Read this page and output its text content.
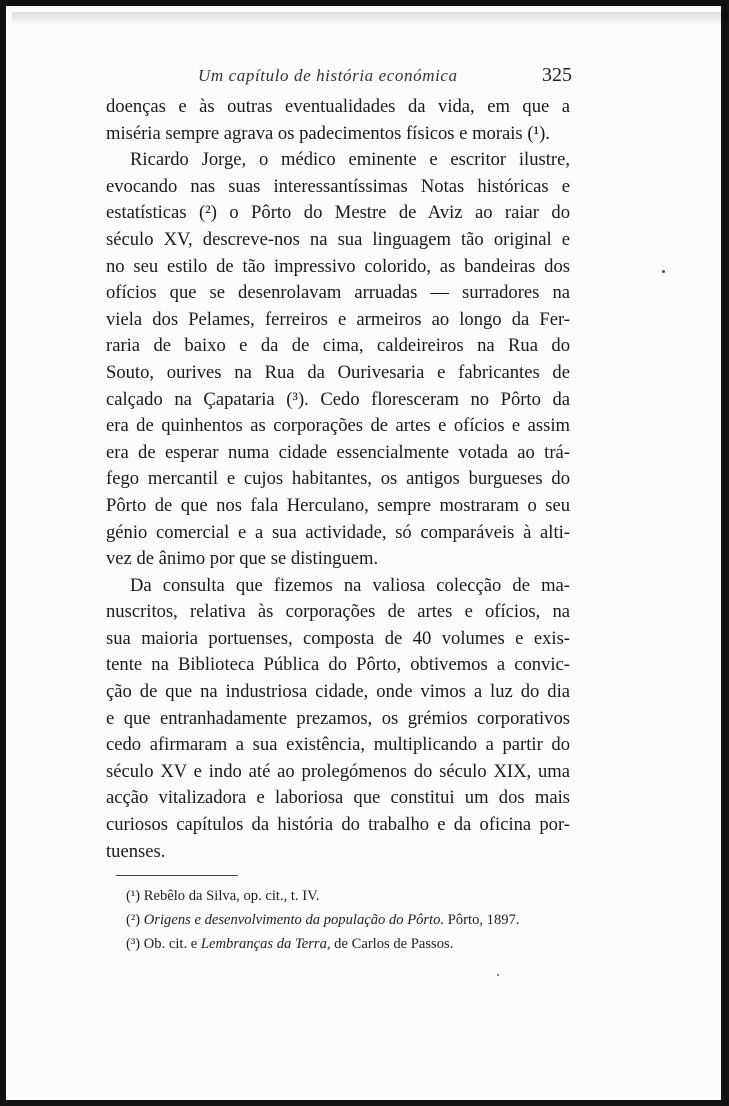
Um capítulo de história económica	325
doenças e às outras eventualidades da vida, em que a
miséria sempre agrava os padecimentos físicos e morais (¹).
Ricardo Jorge, o médico eminente e escritor ilustre,
evocando nas suas interessantíssimas Notas históricas e
estatísticas (²) o Pôrto do Mestre de Aviz ao raiar do
século XV, descreve-nos na sua linguagem tão original e
no seu estilo de tão impressivo colorido, as bandeiras dos
ofícios que se desenrolavam arruadas — surradores na
viela dos Pelames, ferreiros e armeiros ao longo da Fer-
raria de baixo e da de cima, caldeireiros na Rua do
Souto, ourives na Rua da Ourivesaria e fabricantes de
calçado na Çapataria (³). Cedo floresceram no Pôrto da
era de quinhentos as corporações de artes e ofícios e assim
era de esperar numa cidade essencialmente votada ao trá-
fego mercantil e cujos habitantes, os antigos burgueses do
Pôrto de que nos fala Herculano, sempre mostraram o seu
génio comercial e a sua actividade, só comparáveis à alti-
vez de ânimo por que se distinguem.
Da consulta que fizemos na valiosa colecção de ma-
nuscritos, relativa às corporações de artes e ofícios, na
sua maioria portuenses, composta de 40 volumes e exis-
tente na Biblioteca Pública do Pôrto, obtivemos a convic-
ção de que na industriosa cidade, onde vimos a luz do dia
e que entranhadamente prezamos, os grémios corporativos
cedo afirmaram a sua existência, multiplicando a partir do
século XV e indo até ao prolegómenos do século XIX, uma
acção vitalizadora e laboriosa que constitui um dos mais
curiosos capítulos da história do trabalho e da oficina por-
tuenses.
(¹) Rebêlo da Silva, op. cit., t. IV.
(²) Origens e desenvolvimento da população do Pôrto. Pôrto, 1897.
(³) Ob. cit. e Lembranças da Terra, de Carlos de Passos.
